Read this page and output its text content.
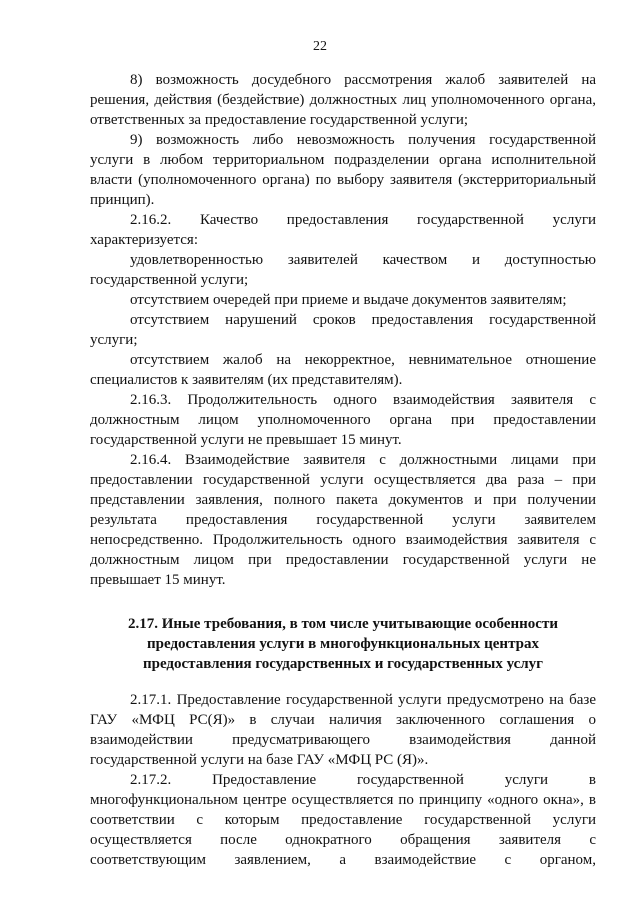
22
8) возможность досудебного рассмотрения жалоб заявителей на
решения, действия (бездействие) должностных лиц уполномоченного органа,
ответственных за предоставление государственной услуги;
9) возможность либо невозможность получения государственной
услуги в любом территориальном подразделении органа исполнительной
власти (уполномоченного органа) по выбору заявителя (экстерриториальный
принцип).
2.16.2. Качество предоставления государственной услуги
характеризуется:
удовлетворенностью заявителей качеством и доступностью
государственной услуги;
отсутствием очередей при приеме и выдаче документов заявителям;
отсутствием нарушений сроков предоставления государственной
услуги;
отсутствием жалоб на некорректное, невнимательное отношение
специалистов к заявителям (их представителям).
2.16.3. Продолжительность одного взаимодействия заявителя с
должностным лицом уполномоченного органа при предоставлении
государственной услуги не превышает 15 минут.
2.16.4. Взаимодействие заявителя с должностными лицами при
предоставлении государственной услуги осуществляется два раза – при
представлении заявления, полного пакета документов и при получении
результата предоставления государственной услуги заявителем
непосредственно. Продолжительность одного взаимодействия заявителя с
должностным лицом при предоставлении государственной услуги не
превышает 15 минут.
2.17. Иные требования, в том числе учитывающие особенности
предоставления услуги в многофункциональных центрах
предоставления государственных и государственных услуг
2.17.1. Предоставление государственной услуги предусмотрено на базе
ГАУ «МФЦ РС(Я)» в случаи наличия заключенного соглашения о
взаимодействии предусматривающего взаимодействия данной
государственной услуги на базе ГАУ «МФЦ РС (Я)».
2.17.2. Предоставление государственной услуги в
многофункциональном центре осуществляется по принципу «одного окна», в
соответствии с которым предоставление государственной услуги
осуществляется после однократного обращения заявителя с
соответствующим заявлением, а взаимодействие с органом,
